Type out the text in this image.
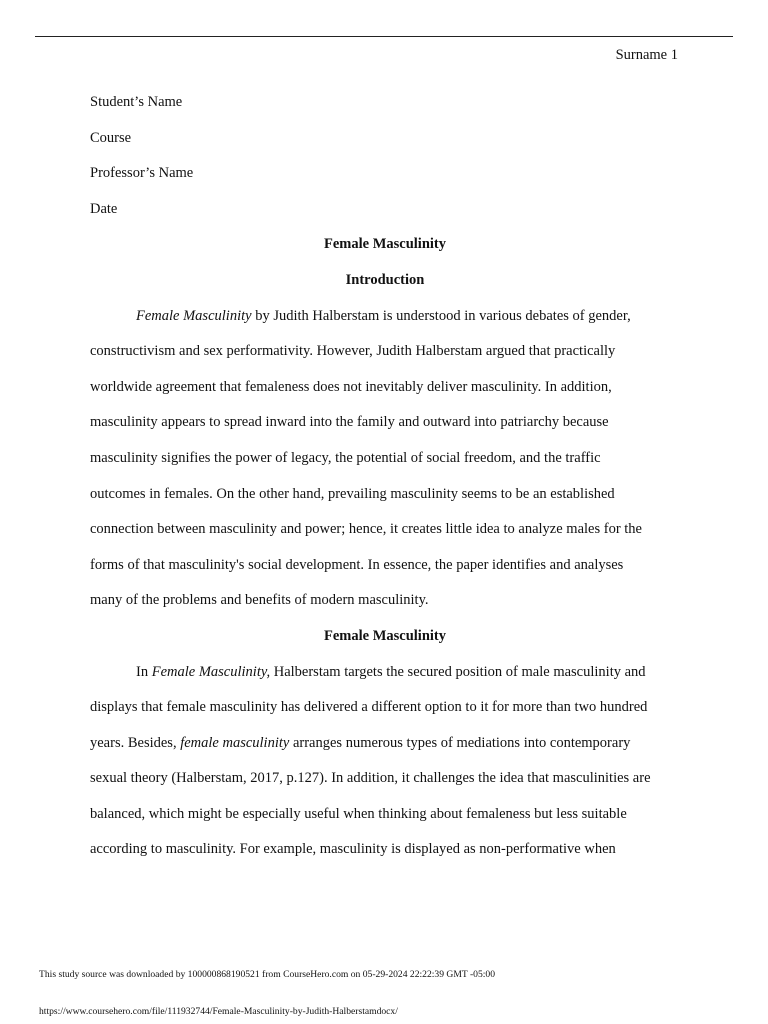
Surname 1
Student’s Name
Course
Professor’s Name
Date
Female Masculinity
Introduction
Female Masculinity by Judith Halberstam is understood in various debates of gender,
constructivism and sex performativity. However, Judith Halberstam argued that practically
worldwide agreement that femaleness does not inevitably deliver masculinity. In addition,
masculinity appears to spread inward into the family and outward into patriarchy because
masculinity signifies the power of legacy, the potential of social freedom, and the traffic
outcomes in females. On the other hand, prevailing masculinity seems to be an established
connection between masculinity and power; hence, it creates little idea to analyze males for the
forms of that masculinity's social development. In essence, the paper identifies and analyses
many of the problems and benefits of modern masculinity.
Female Masculinity
In Female Masculinity, Halberstam targets the secured position of male masculinity and
displays that female masculinity has delivered a different option to it for more than two hundred
years. Besides, female masculinity arranges numerous types of mediations into contemporary
sexual theory (Halberstam, 2017, p.127). In addition, it challenges the idea that masculinities are
balanced, which might be especially useful when thinking about femaleness but less suitable
according to masculinity. For example, masculinity is displayed as non-performative when
This study source was downloaded by 100000868190521 from CourseHero.com on 05-29-2024 22:22:39 GMT -05:00
https://www.coursehero.com/file/111932744/Female-Masculinity-by-Judith-Halberstamdocx/
